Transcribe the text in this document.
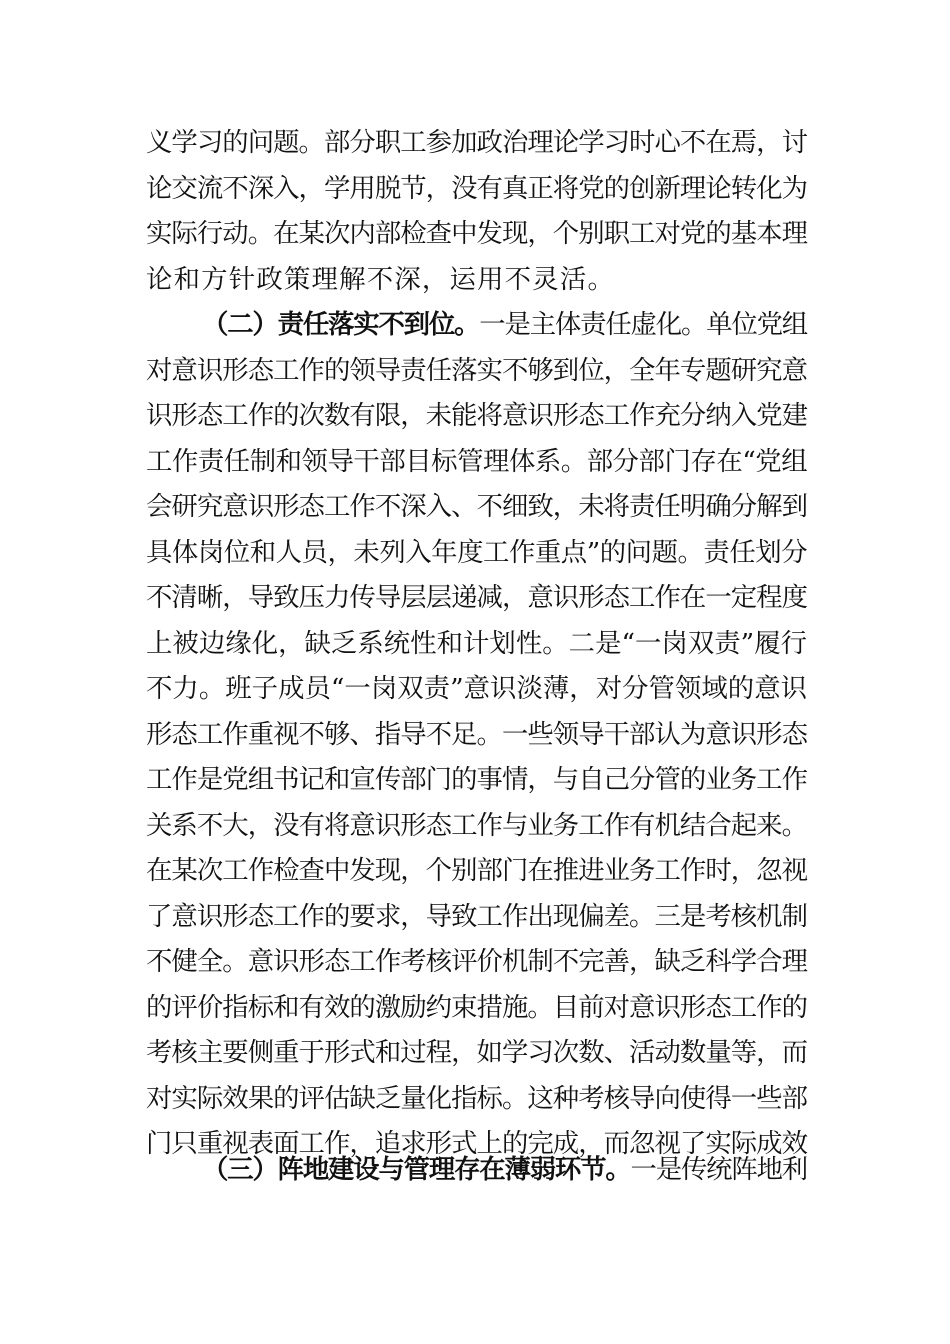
义学习的问题。部分职工参加政治理论学习时心不在焉，讨
论交流不深入，学用脱节，没有真正将党的创新理论转化为
实际行动。在某次内部检查中发现，个别职工对党的基本理
论和方针政策理解不深，运用不灵活。
（二）责任落实不到位。一是主体责任虚化。单位党组
对意识形态工作的领导责任落实不够到位，全年专题研究意
识形态工作的次数有限，未能将意识形态工作充分纳入党建
工作责任制和领导干部目标管理体系。部分部门存在“党组
会研究意识形态工作不深入、不细致，未将责任明确分解到
具体岗位和人员，未列入年度工作重点”的问题。责任划分
不清晰，导致压力传导层层递减，意识形态工作在一定程度
上被边缘化，缺乏系统性和计划性。二是“一岗双责”履行
不力。班子成员“一岗双责”意识淡薄，对分管领域的意识
形态工作重视不够、指导不足。一些领导干部认为意识形态
工作是党组书记和宣传部门的事情，与自己分管的业务工作
关系不大，没有将意识形态工作与业务工作有机结合起来。
在某次工作检查中发现，个别部门在推进业务工作时，忽视
了意识形态工作的要求，导致工作出现偏差。三是考核机制
不健全。意识形态工作考核评价机制不完善，缺乏科学合理
的评价指标和有效的激励约束措施。目前对意识形态工作的
考核主要侧重于形式和过程，如学习次数、活动数量等，而
对实际效果的评估缺乏量化指标。这种考核导向使得一些部
门只重视表面工作，追求形式上的完成，而忽视了实际成效
（三）阵地建设与管理存在薄弱环节。一是传统阵地利
